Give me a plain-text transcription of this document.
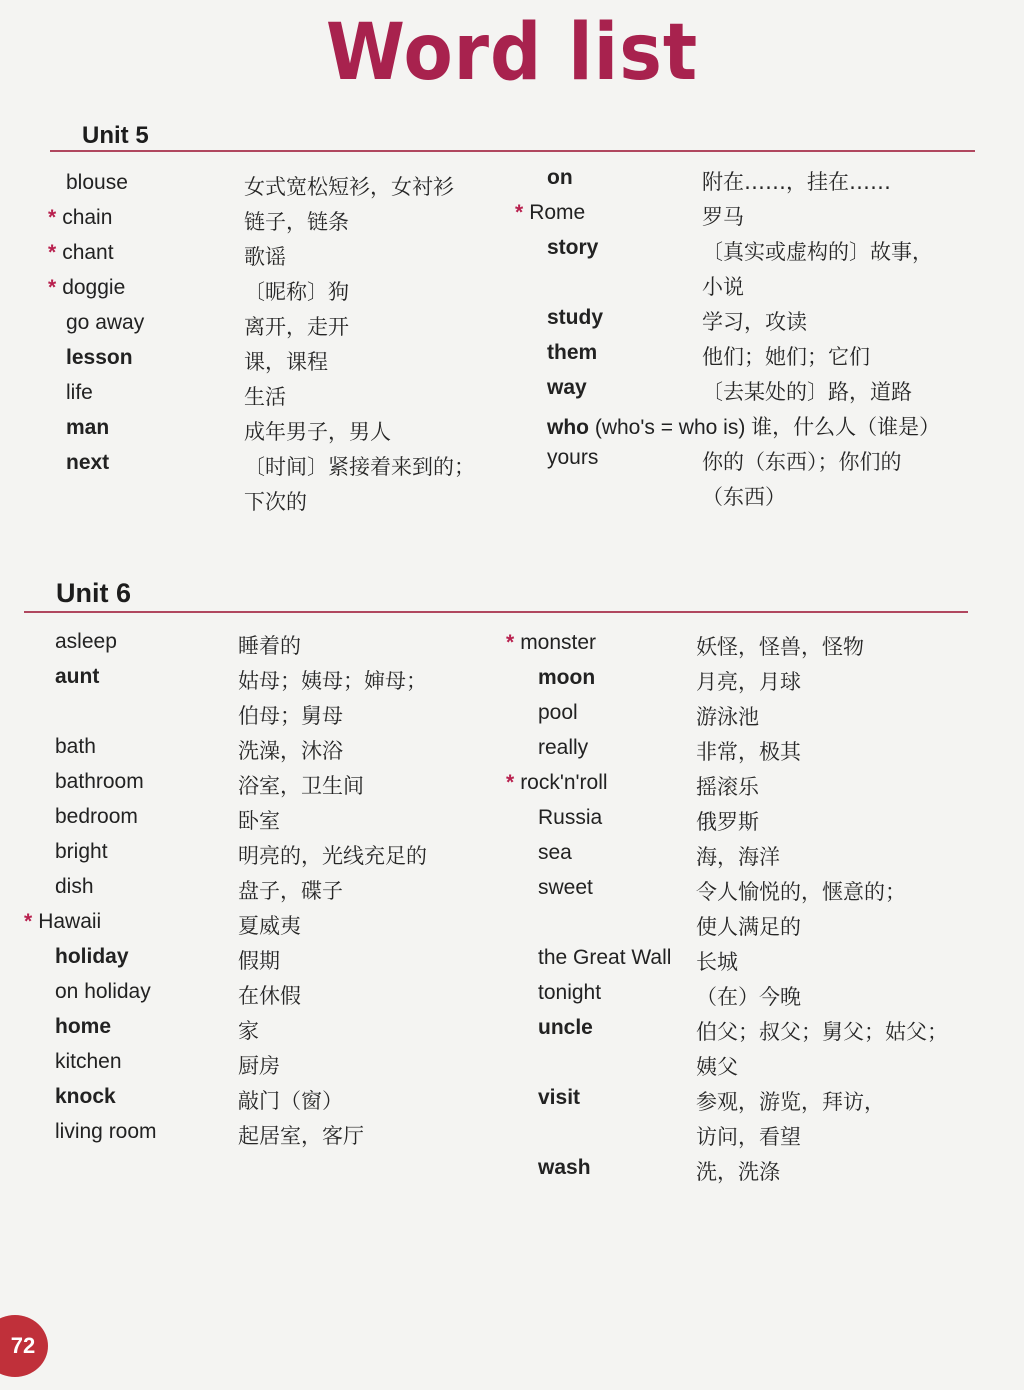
Word list
Unit 5
Unit 6
blouse	女式宽松短衫，女衬衫
* chain	链子，链条
* chant	歌谣
* doggie	〔昵称〕狗
go away	离开，走开
lesson	课，课程
life	生活
man	成年男子，男人
next	〔时间〕紧接着来到的；
下次的
on	附在……，挂在……
* Rome	罗马
story	〔真实或虚构的〕故事，
小说
study	学习，攻读
them	他们；她们；它们
way	〔去某处的〕路，道路
who (who's = who is) 谁，什么人（谁是）
yours	你的（东西）；你们的
（东西）
asleep	睡着的
aunt	姑母；姨母；婶母；
伯母；舅母
bath	洗澡，沐浴
bathroom	浴室，卫生间
bedroom	卧室
bright	明亮的，光线充足的
dish	盘子，碟子
* Hawaii	夏威夷
holiday	假期
on holiday	在休假
home	家
kitchen	厨房
knock	敲门（窗）
living room	起居室，客厅
* monster	妖怪，怪兽，怪物
moon	月亮，月球
pool	游泳池
really	非常，极其
* rock'n'roll	摇滚乐
Russia	俄罗斯
sea	海，海洋
sweet	令人愉悦的，惬意的；
使人满足的
the Great Wall 长城
tonight	（在）今晚
uncle	伯父；叔父；舅父；姑父；
姨父
visit	参观，游览，拜访，
访问，看望
wash	洗，洗涤
72
